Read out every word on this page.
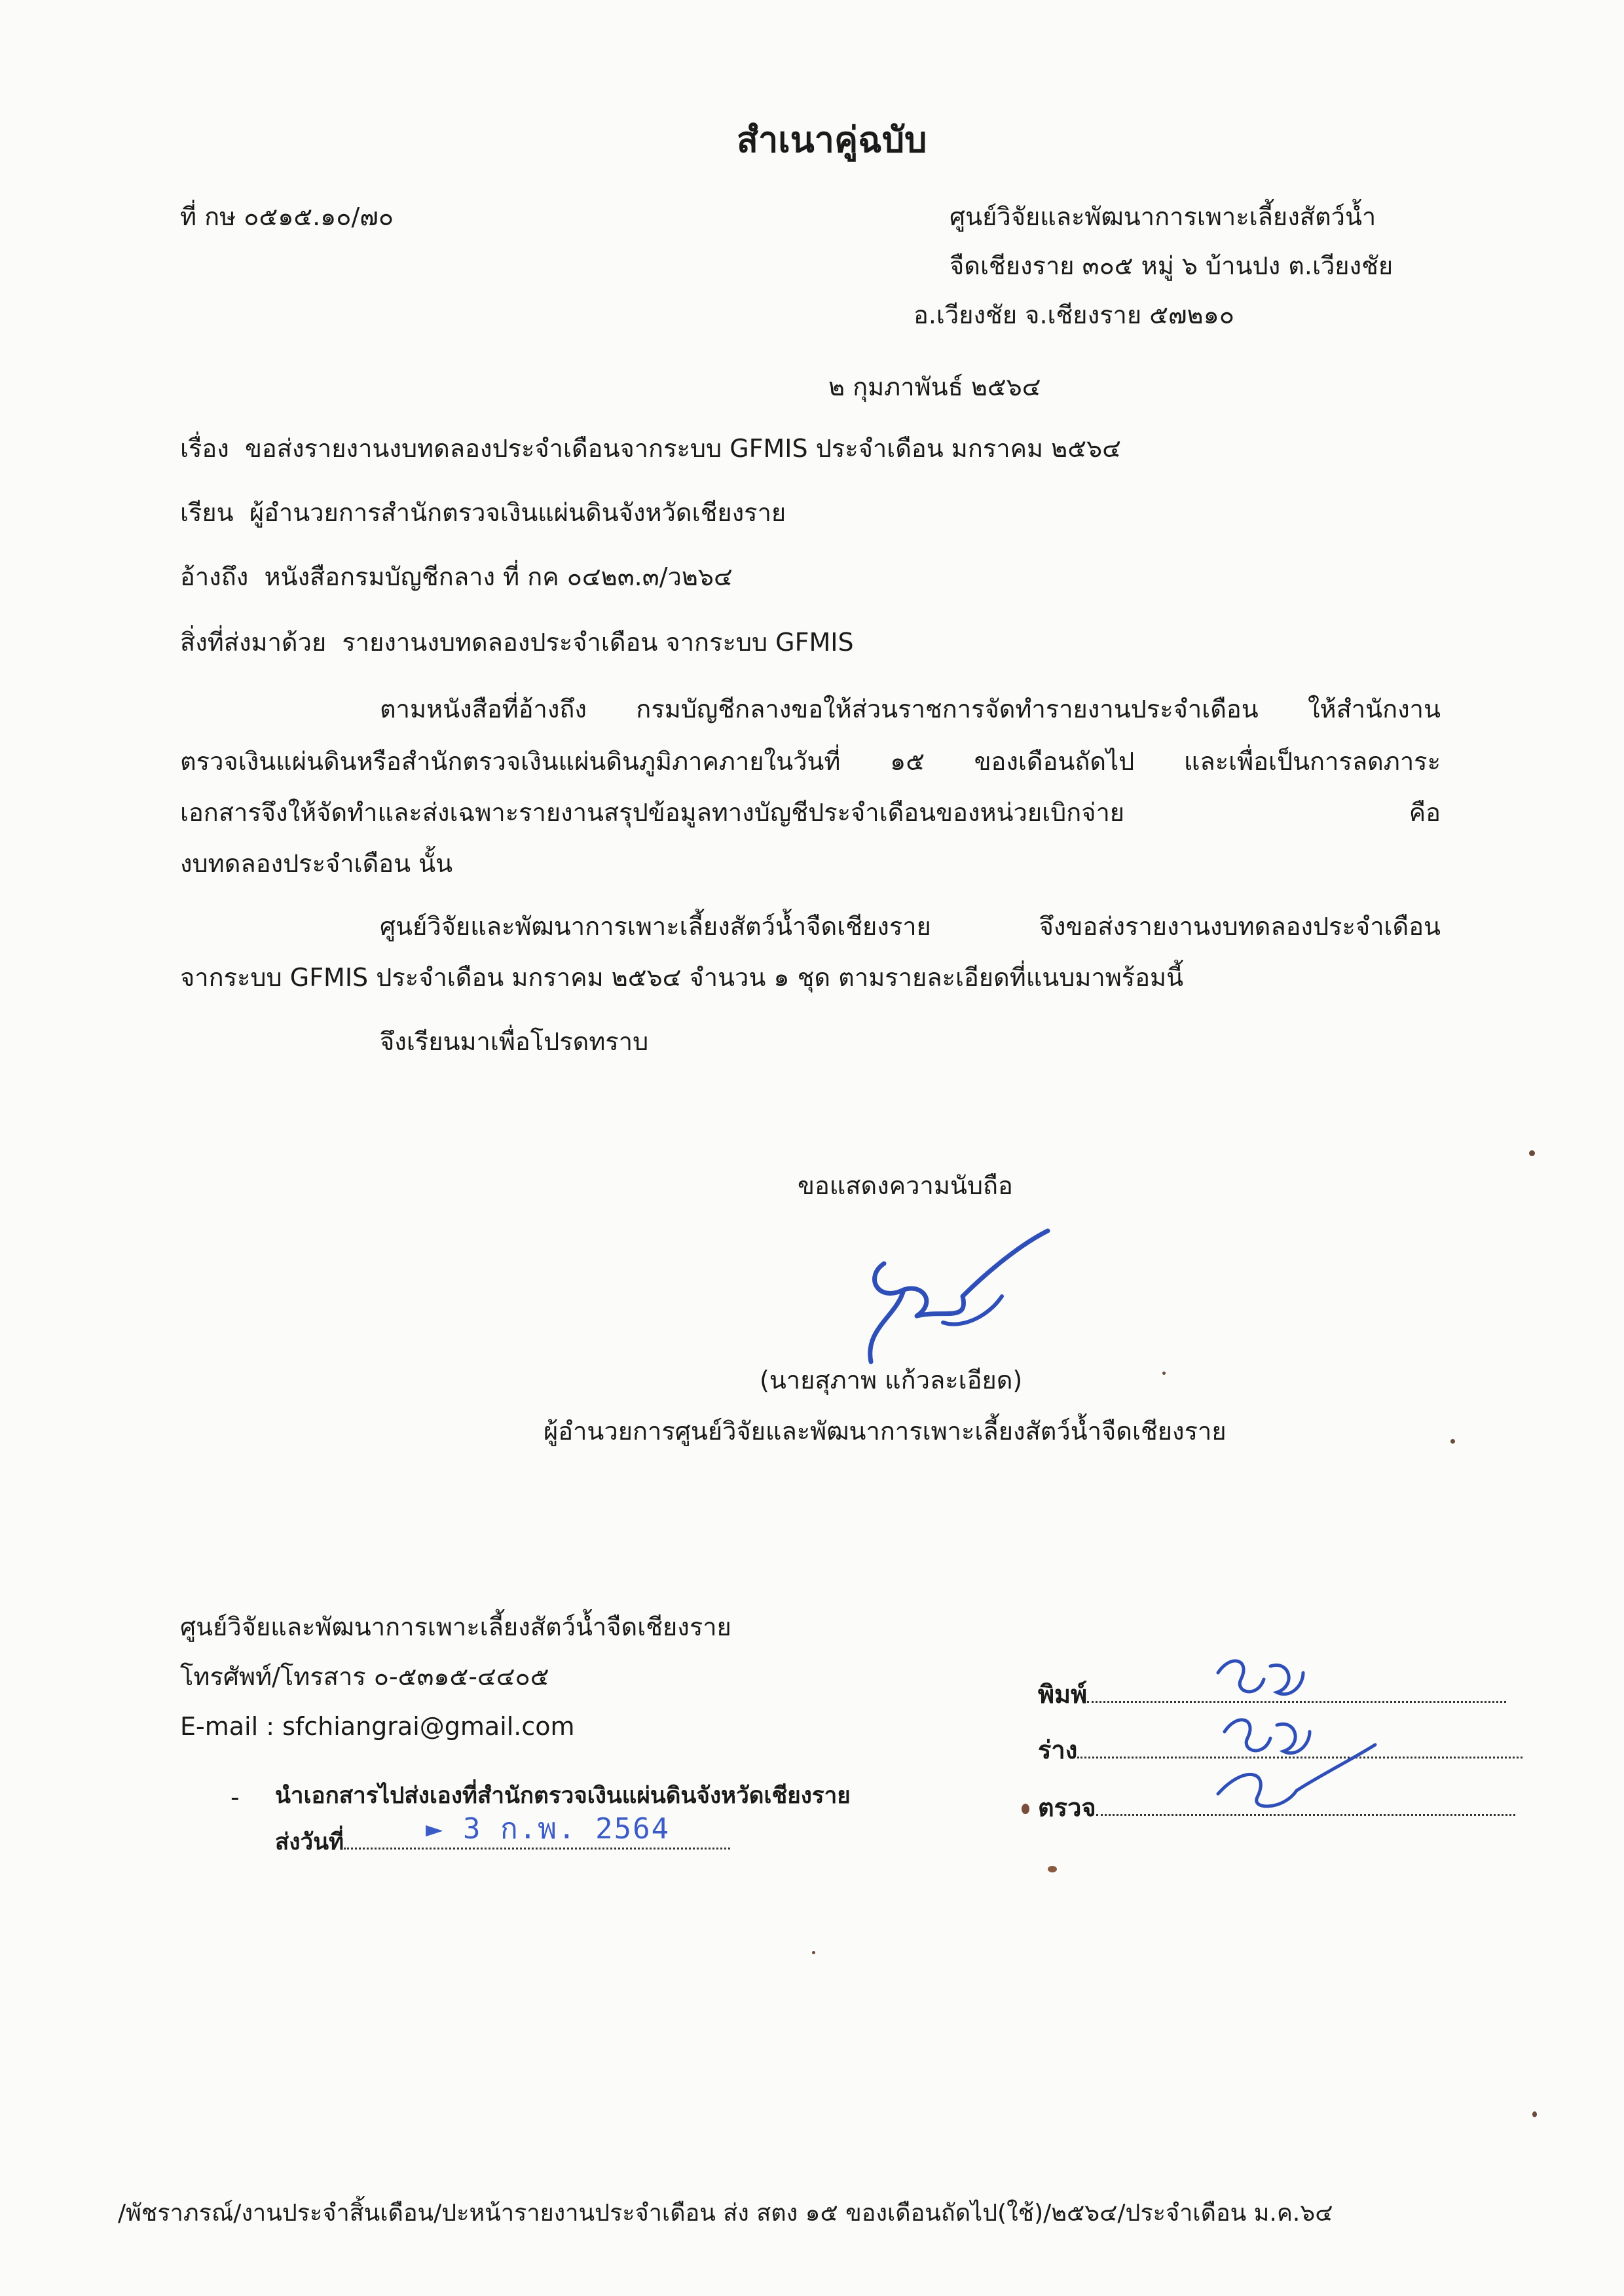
สำเนาคู่ฉบับ
ที่ กษ ๐๕๑๕.๑๐/๗๐	ศูนย์วิจัยและพัฒนาการเพาะเลี้ยงสัตว์น้ำ
จืดเชียงราย ๓๐๕ หมู่ ๖ บ้านปง ต.เวียงชัย
อ.เวียงชัย จ.เชียงราย ๕๗๒๑๐
๒ กุมภาพันธ์ ๒๕๖๔
เรื่อง ขอส่งรายงานงบทดลองประจำเดือนจากระบบ GFMIS ประจำเดือน มกราคม ๒๕๖๔
เรียน ผู้อำนวยการสำนักตรวจเงินแผ่นดินจังหวัดเชียงราย
อ้างถึง หนังสือกรมบัญชีกลาง ที่ กค ๐๔๒๓.๓/ว๒๖๔
สิ่งที่ส่งมาด้วย รายงานงบทดลองประจำเดือน จากระบบ GFMIS
ตามหนังสือที่อ้างถึง กรมบัญชีกลางขอให้ส่วนราชการจัดทำรายงานประจำเดือน ให้สำนักงาน
ตรวจเงินแผ่นดินหรือสำนักตรวจเงินแผ่นดินภูมิภาคภายในวันที่ ๑๕ ของเดือนถัดไป และเพื่อเป็นการลดภาระ
เอกสารจึงให้จัดทำและส่งเฉพาะรายงานสรุปข้อมูลทางบัญชีประจำเดือนของหน่วยเบิกจ่าย คือ
งบทดลองประจำเดือน นั้น
ศูนย์วิจัยและพัฒนาการเพาะเลี้ยงสัตว์น้ำจืดเชียงราย จึงขอส่งรายงานงบทดลองประจำเดือน
จากระบบ GFMIS ประจำเดือน มกราคม ๒๕๖๔ จำนวน ๑ ชุด ตามรายละเอียดที่แนบมาพร้อมนี้
จึงเรียนมาเพื่อโปรดทราบ
ขอแสดงความนับถือ
(นายสุภาพ แก้วละเอียด)
ผู้อำนวยการศูนย์วิจัยและพัฒนาการเพาะเลี้ยงสัตว์น้ำจืดเชียงราย
ศูนย์วิจัยและพัฒนาการเพาะเลี้ยงสัตว์น้ำจืดเชียงราย
โทรศัพท์/โทรสาร ๐-๕๓๑๕-๔๔๐๕
E-mail : sfchiangrai@gmail.com
- นำเอกสารไปส่งเองที่สำนักตรวจเงินแผ่นดินจังหวัดเชียงราย
ส่งวันที่	► 3 ก.พ. 2564
พิมพ์
ร่าง
ตรวจ
/พัชราภรณ์/งานประจำสิ้นเดือน/ปะหน้ารายงานประจำเดือน ส่ง สตง ๑๕ ของเดือนถัดไป(ใช้)/๒๕๖๔/ประจำเดือน ม.ค.๖๔
